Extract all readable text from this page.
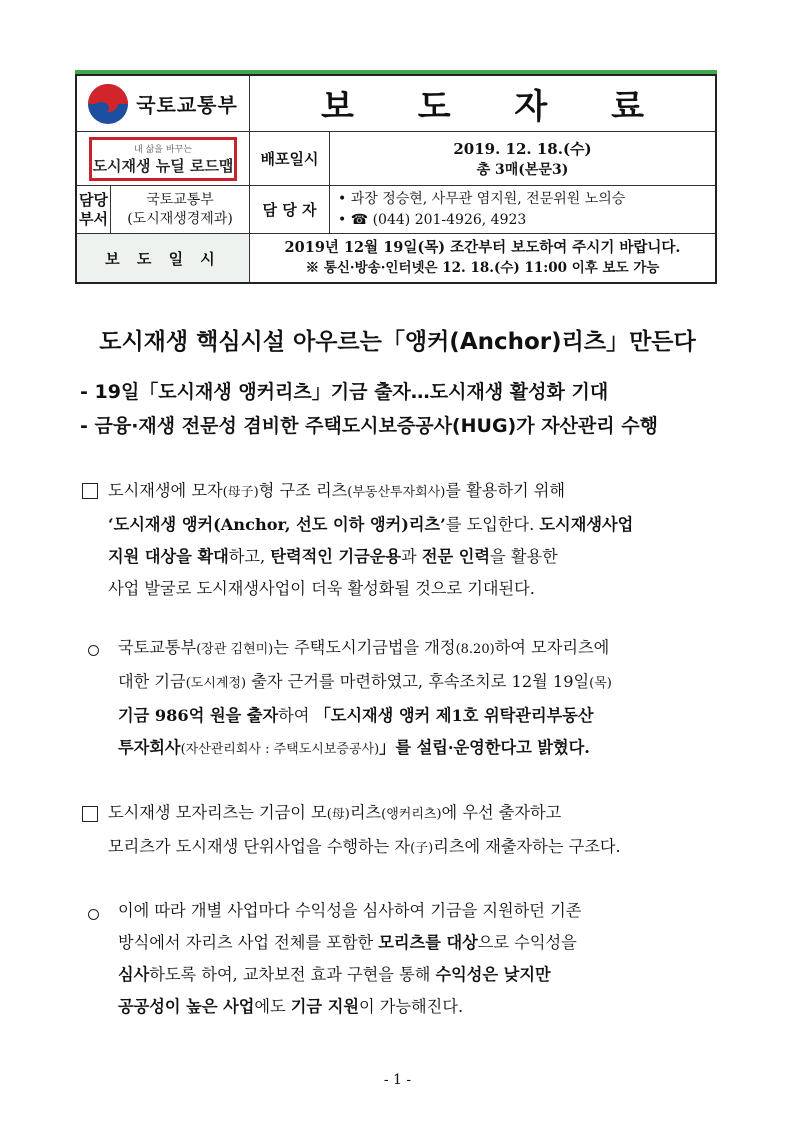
국토교통부	보 도 자 료
내 삶을 바꾸는
도시재생 뉴딜 로드맵 배포일시
2019. 12. 18.(수)
총 3매(본문3)
담당
부서
국토교통부
(도시재생경제과) 담 당 자
• 과장 정승현, 사무관 염지원, 전문위원 노의승
• ☎ (044) 201-4926, 4923
보 도 일 시
2019년 12월 19일(목) 조간부터 보도하여 주시기 바랍니다.
※ 통신·방송·인터넷은 12. 18.(수) 11:00 이후 보도 가능
도시재생 핵심시설 아우르는「앵커(Anchor)리츠」만든다
- 19일「도시재생 앵커리츠」기금 출자…도시재생 활성화 기대
- 금융·재생 전문성 겸비한 주택도시보증공사(HUG)가 자산관리 수행
도시재생에 모자(母子)형 구조 리츠(부동산투자회사)를 활용하기 위해
‘도시재생 앵커(Anchor, 선도 이하 앵커)리츠’를 도입한다. 도시재생사업
지원 대상을 확대하고, 탄력적인 기금운용과 전문 인력을 활용한
사업 발굴로 도시재생사업이 더욱 활성화될 것으로 기대된다.
국토교통부(장관 김현미)는 주택도시기금법을 개정(8.20)하여 모자리츠에
대한 기금(도시계정) 출자 근거를 마련하였고, 후속조치로 12월 19일(목)
기금 986억 원을 출자하여 「도시재생 앵커 제1호 위탁관리부동산
투자회사(자산관리회사 : 주택도시보증공사)」를 설립·운영한다고 밝혔다.
도시재생 모자리츠는 기금이 모(母)리츠(앵커리츠)에 우선 출자하고
모리츠가 도시재생 단위사업을 수행하는 자(子)리츠에 재출자하는 구조다.
이에 따라 개별 사업마다 수익성을 심사하여 기금을 지원하던 기존
방식에서 자리츠 사업 전체를 포함한 모리츠를 대상으로 수익성을
심사하도록 하여, 교차보전 효과 구현을 통해 수익성은 낮지만
공공성이 높은 사업에도 기금 지원이 가능해진다.
- 1 -
